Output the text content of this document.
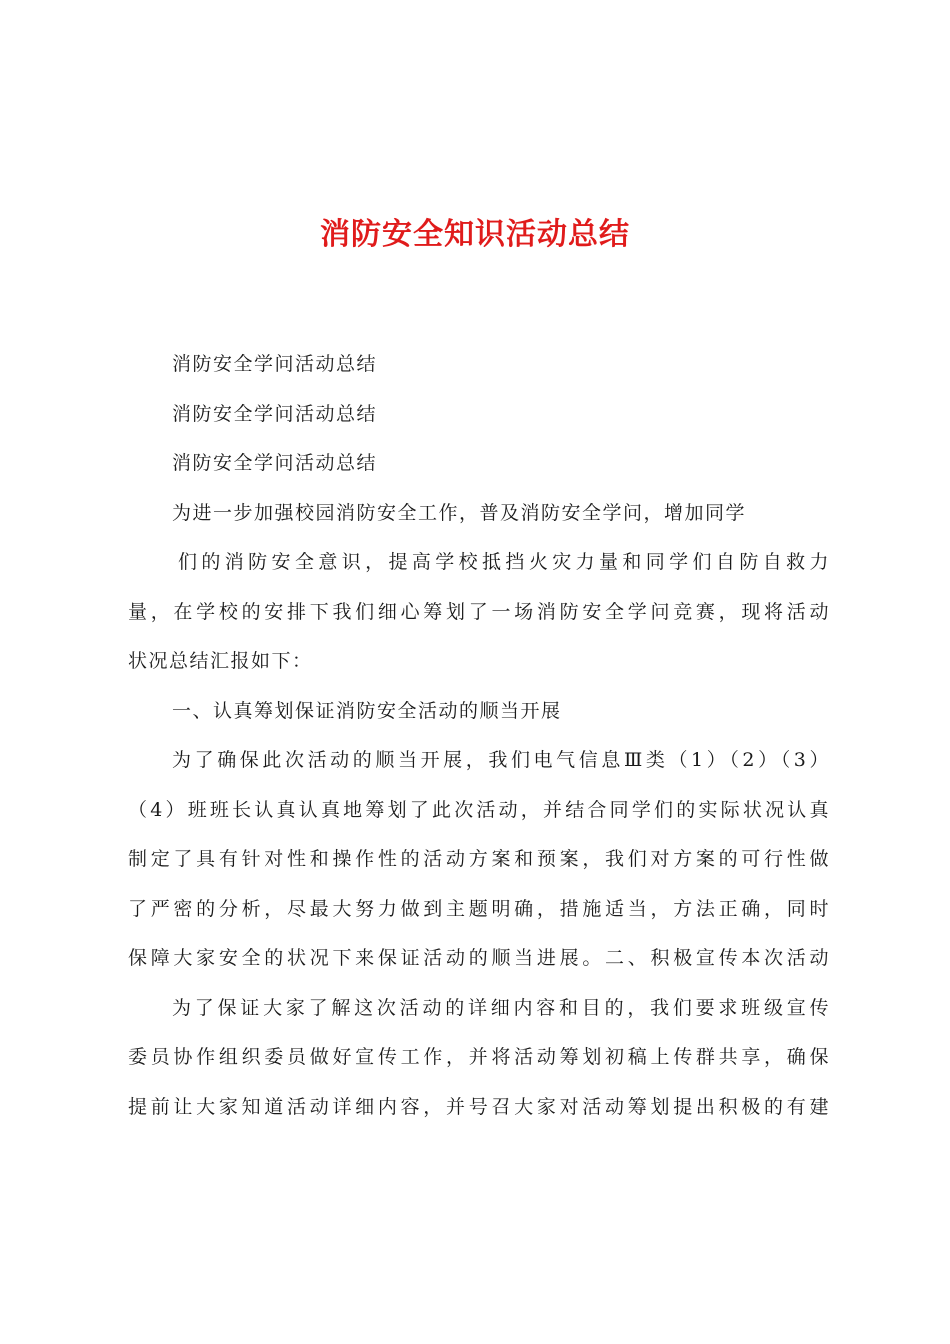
消防安全知识活动总结
消防安全学问活动总结
消防安全学问活动总结
消防安全学问活动总结
为进一步加强校园消防安全工作，普及消防安全学问，增加同学
们的消防安全意识，提高学校抵挡火灾力量和同学们自防自救力
量，在学校的安排下我们细心筹划了一场消防安全学问竞赛，现将活动
状况总结汇报如下：
一、认真筹划保证消防安全活动的顺当开展
为了确保此次活动的顺当开展，我们电气信息Ⅲ类（1）（2）（3）
（4）班班长认真认真地筹划了此次活动，并结合同学们的实际状况认真
制定了具有针对性和操作性的活动方案和预案，我们对方案的可行性做
了严密的分析，尽最大努力做到主题明确，措施适当，方法正确，同时
保障大家安全的状况下来保证活动的顺当进展。二、积极宣传本次活动
为了保证大家了解这次活动的详细内容和目的，我们要求班级宣传
委员协作组织委员做好宣传工作，并将活动筹划初稿上传群共享，确保
提前让大家知道活动详细内容，并号召大家对活动筹划提出积极的有建
